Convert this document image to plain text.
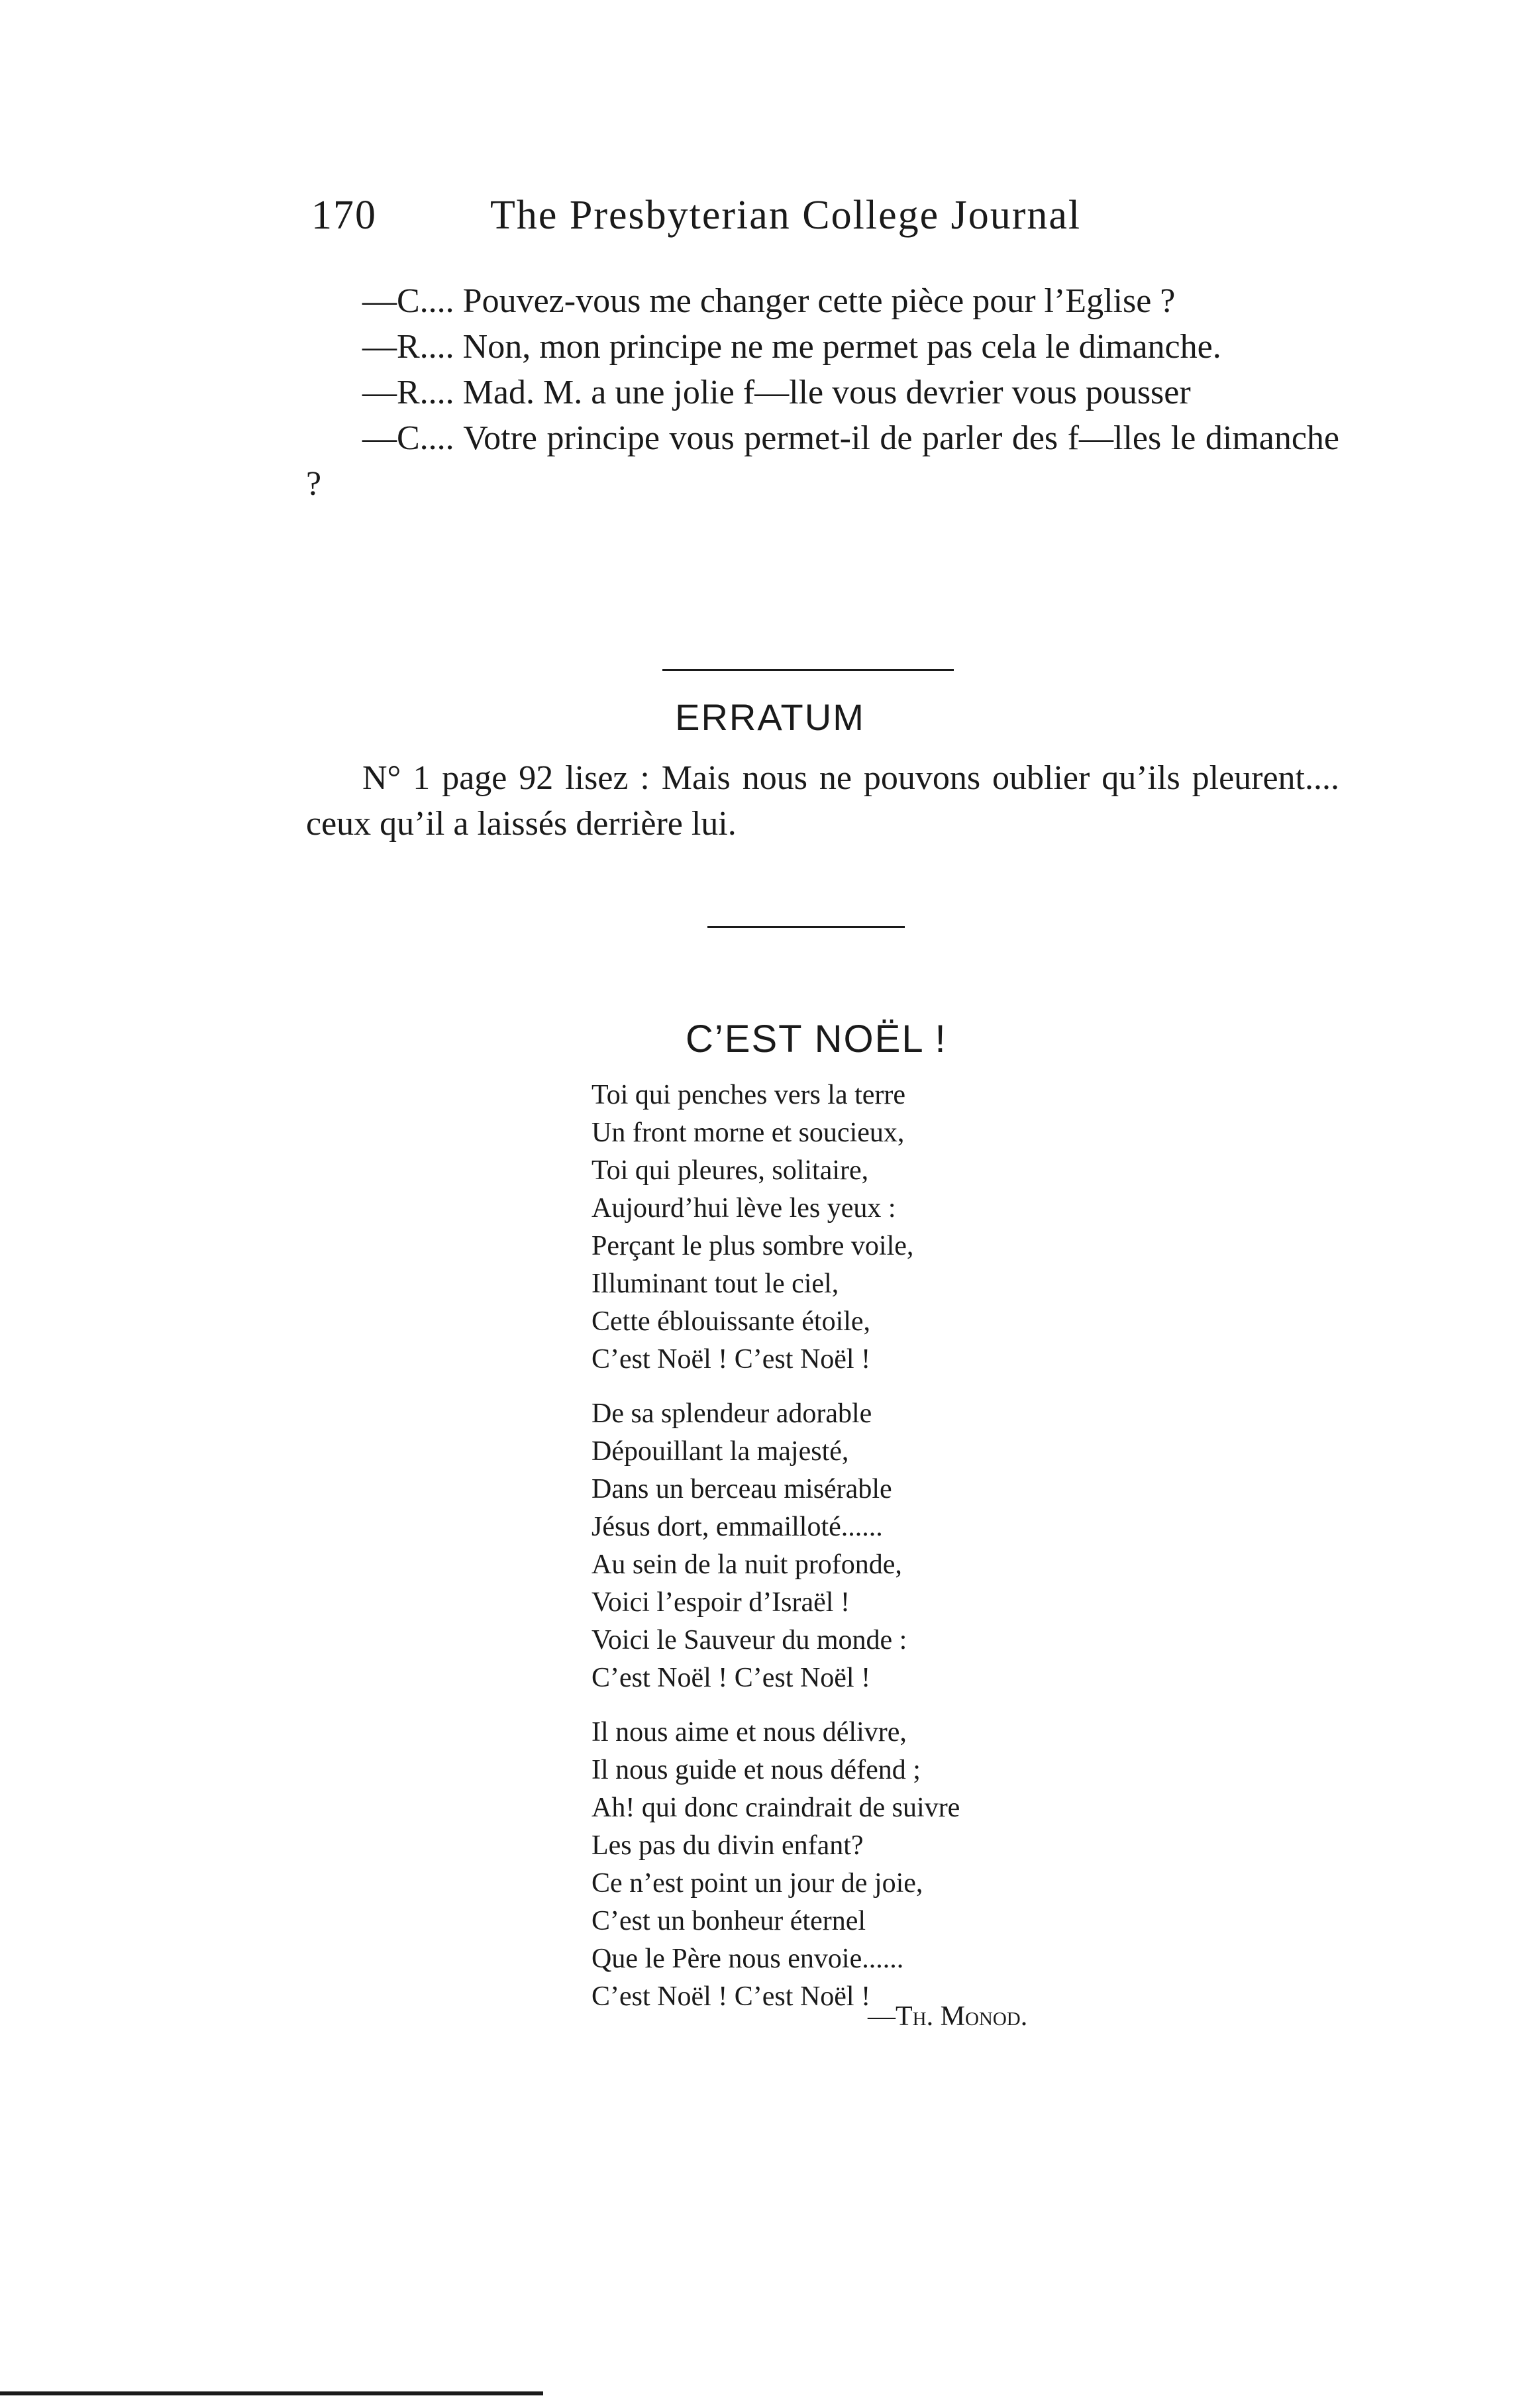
170	The Presbyterian College Journal

—C.... Pouvez-vous me changer cette pièce pour l’Eglise ?

—R.... Non, mon principe ne me permet pas cela le dimanche.

—R.... Mad. M. a une jolie f—lle vous devrier vous pousser

—C.... Votre principe vous permet-il de parler des f—lles le dimanche ?

ERRATUM

N° 1 page 92 lisez : Mais nous ne pouvons oublier qu’ils pleurent.... ceux qu’il a laissés derrière lui.

C’EST NOËL !
Toi qui penches vers la terre
Un front morne et soucieux,
Toi qui pleures, solitaire,
Aujourd’hui lève les yeux :
Perçant le plus sombre voile,
Illuminant tout le ciel,
Cette éblouissante étoile,
C’est Noël ! C’est Noël !
De sa splendeur adorable
Dépouillant la majesté,
Dans un berceau misérable
Jésus dort, emmailloté......
Au sein de la nuit profonde,
Voici l’espoir d’Israël !
Voici le Sauveur du monde :
C’est Noël ! C’est Noël !
Il nous aime et nous délivre,
Il nous guide et nous défend ;
Ah! qui donc craindrait de suivre
Les pas du divin enfant?
Ce n’est point un jour de joie,
C’est un bonheur éternel
Que le Père nous envoie......
C’est Noël ! C’est Noël !
—Th. Monod.
